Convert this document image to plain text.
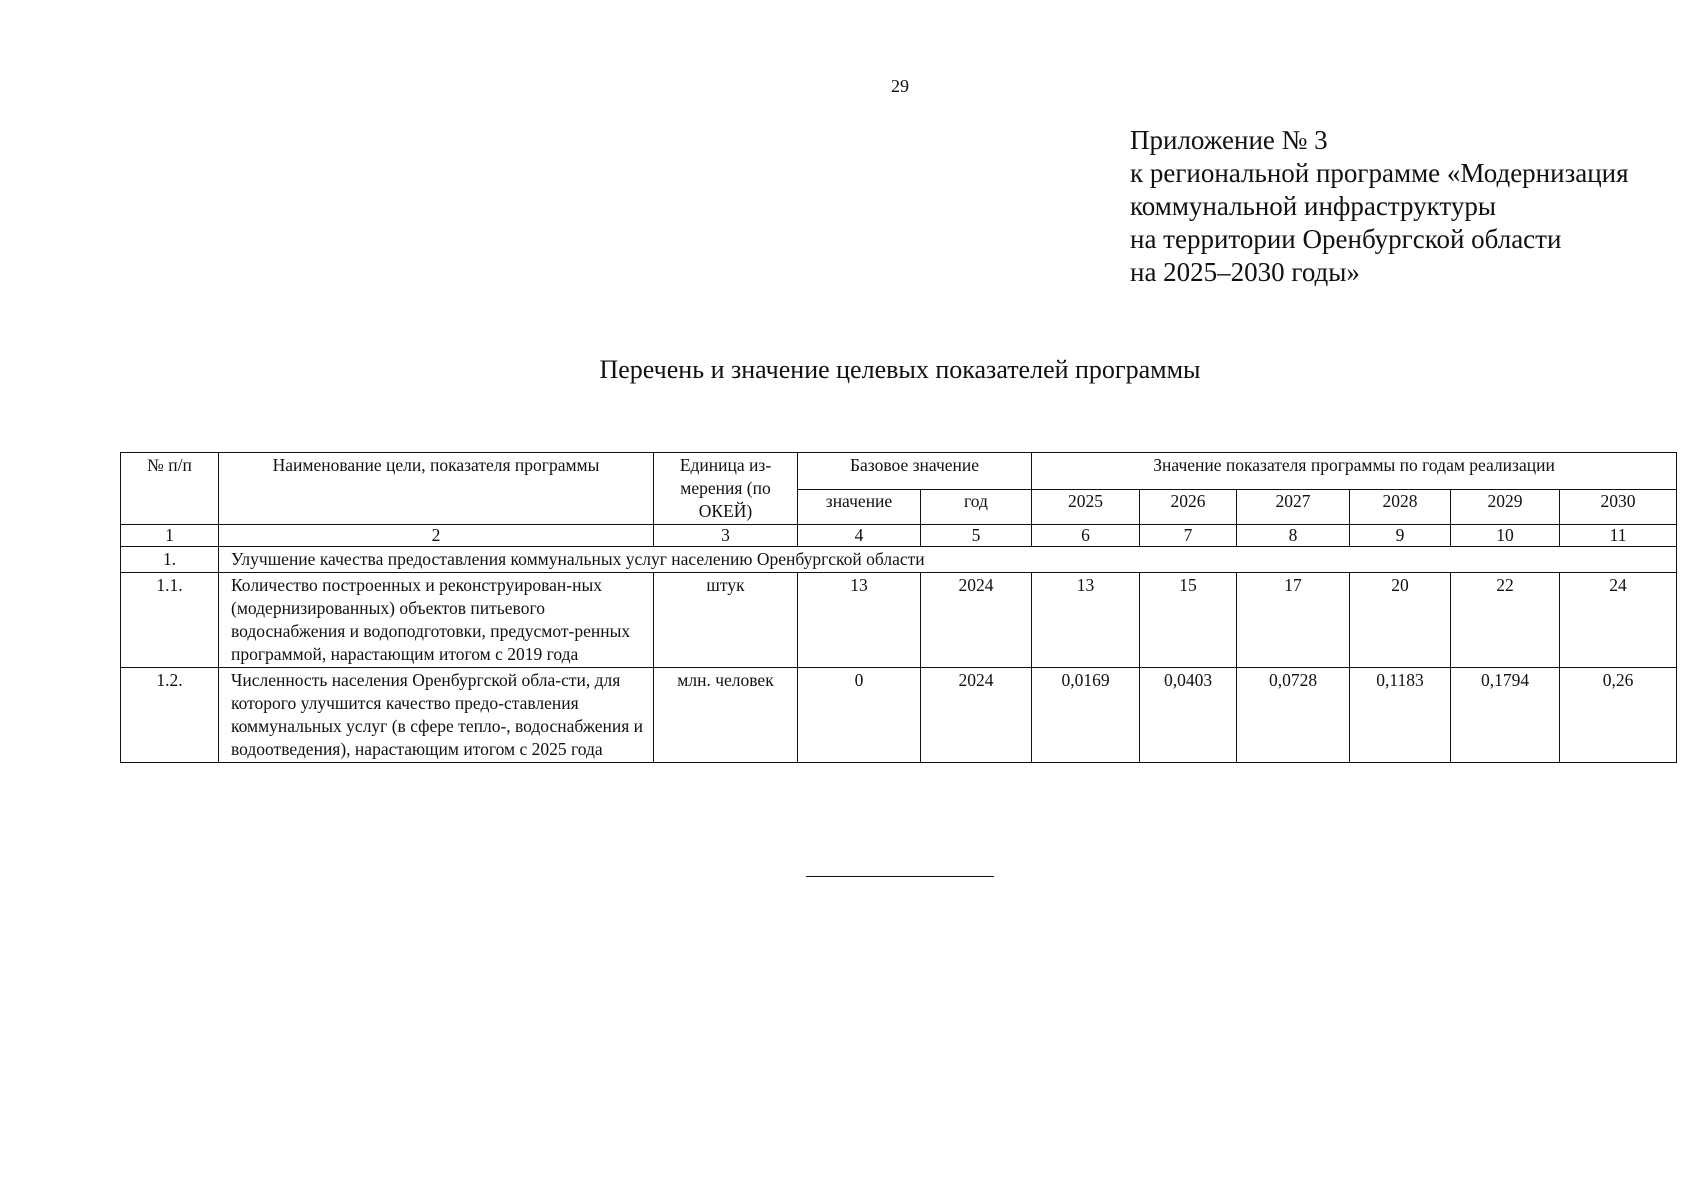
29
Приложение № 3
к региональной программе «Модернизация
коммунальной инфраструктуры
на территории Оренбургской области
на 2025–2030 годы»
Перечень и значение целевых показателей программы
№ п/п	Наименование цели, показателя программы	Единица из-мерения (по ОКЕЙ)	Базовое значение		Значение показателя программы по годам реализации					
			значение	год	2025	2026	2027	2028	2029	2030
1	2	3	4	5	6	7	8	9	10	11
1.	Улучшение качества предоставления коммунальных услуг населению Оренбургской области									
1.1.	Количество построенных и реконструирован-ных (модернизированных) объектов питьевого водоснабжения и водоподготовки, предусмот-ренных программой, нарастающим итогом с 2019 года	штук	13	2024	13	15	17	20	22	24
1.2.	Численность населения Оренбургской обла-сти, для которого улучшится качество предо-ставления коммунальных услуг (в сфере тепло-, водоснабжения и водоотведения), нарастающим итогом с 2025 года	млн. человек	0	2024	0,0169	0,0403	0,0728	0,1183	0,1794	0,26
